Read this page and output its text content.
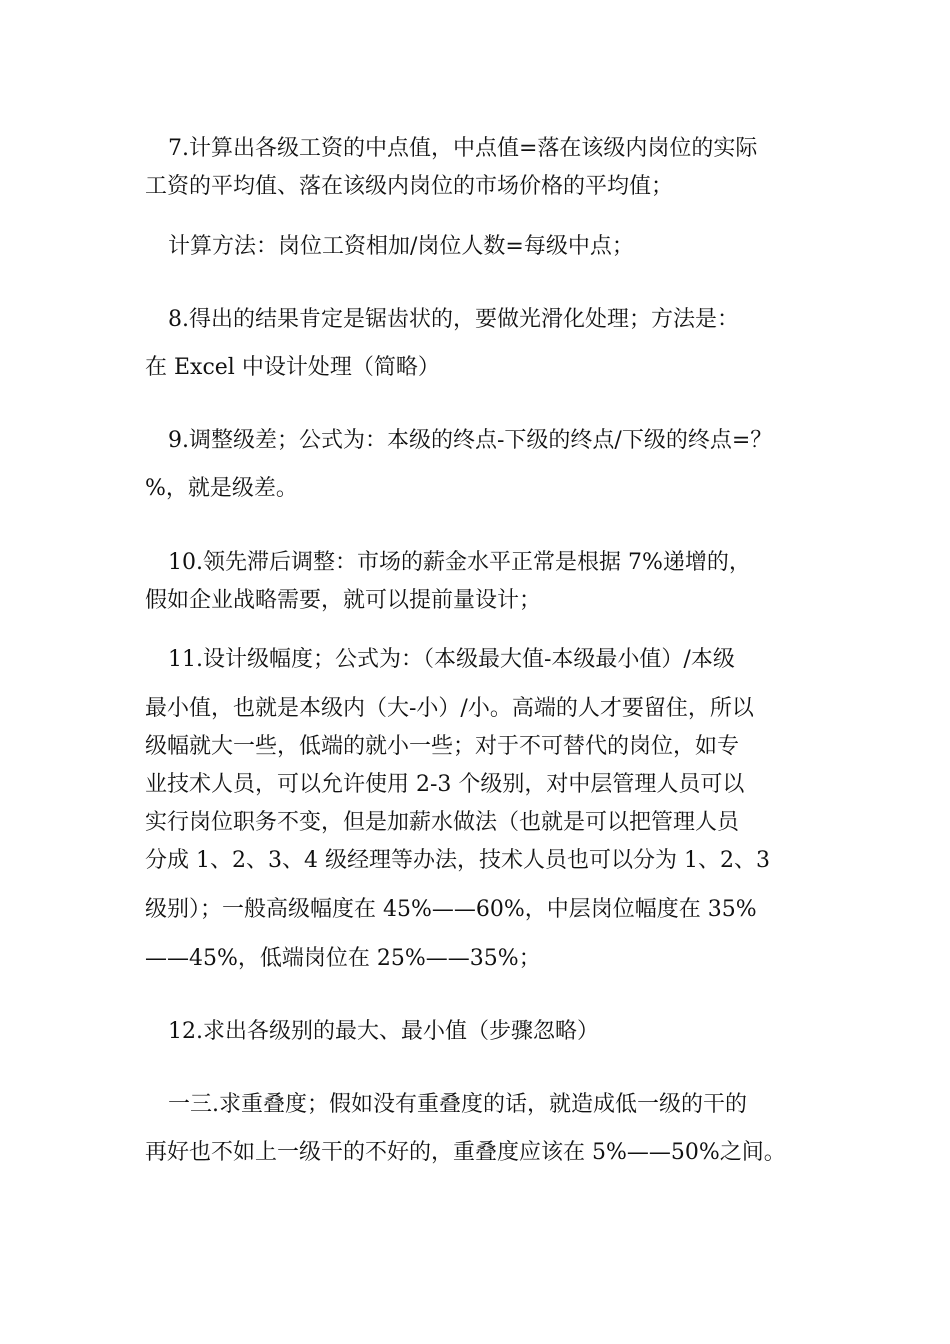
7.计算出各级工资的中点值，中点值=落在该级内岗位的实际
工资的平均值、落在该级内岗位的市场价格的平均值；
计算方法：岗位工资相加/岗位人数=每级中点；
8.得出的结果肯定是锯齿状的，要做光滑化处理；方法是：
在 Excel 中设计处理（简略）
9.调整级差；公式为：本级的终点-下级的终点/下级的终点=？
%，就是级差。
10.领先滞后调整：市场的薪金水平正常是根据 7%递增的，
假如企业战略需要，就可以提前量设计；
11.设计级幅度；公式为：（本级最大值-本级最小值）/本级
最小值，也就是本级内（大-小）/小。高端的人才要留住，所以
级幅就大一些，低端的就小一些；对于不可替代的岗位，如专
业技术人员，可以允许使用 2-3 个级别，对中层管理人员可以
实行岗位职务不变，但是加薪水做法（也就是可以把管理人员
分成 1、2、3、4 级经理等办法，技术人员也可以分为 1、2、3
级别）；一般高级幅度在 45%——60%，中层岗位幅度在 35%
——45%，低端岗位在 25%——35%；
12.求出各级别的最大、最小值（步骤忽略）
一三.求重叠度；假如没有重叠度的话，就造成低一级的干的
再好也不如上一级干的不好的，重叠度应该在 5%——50%之间。
